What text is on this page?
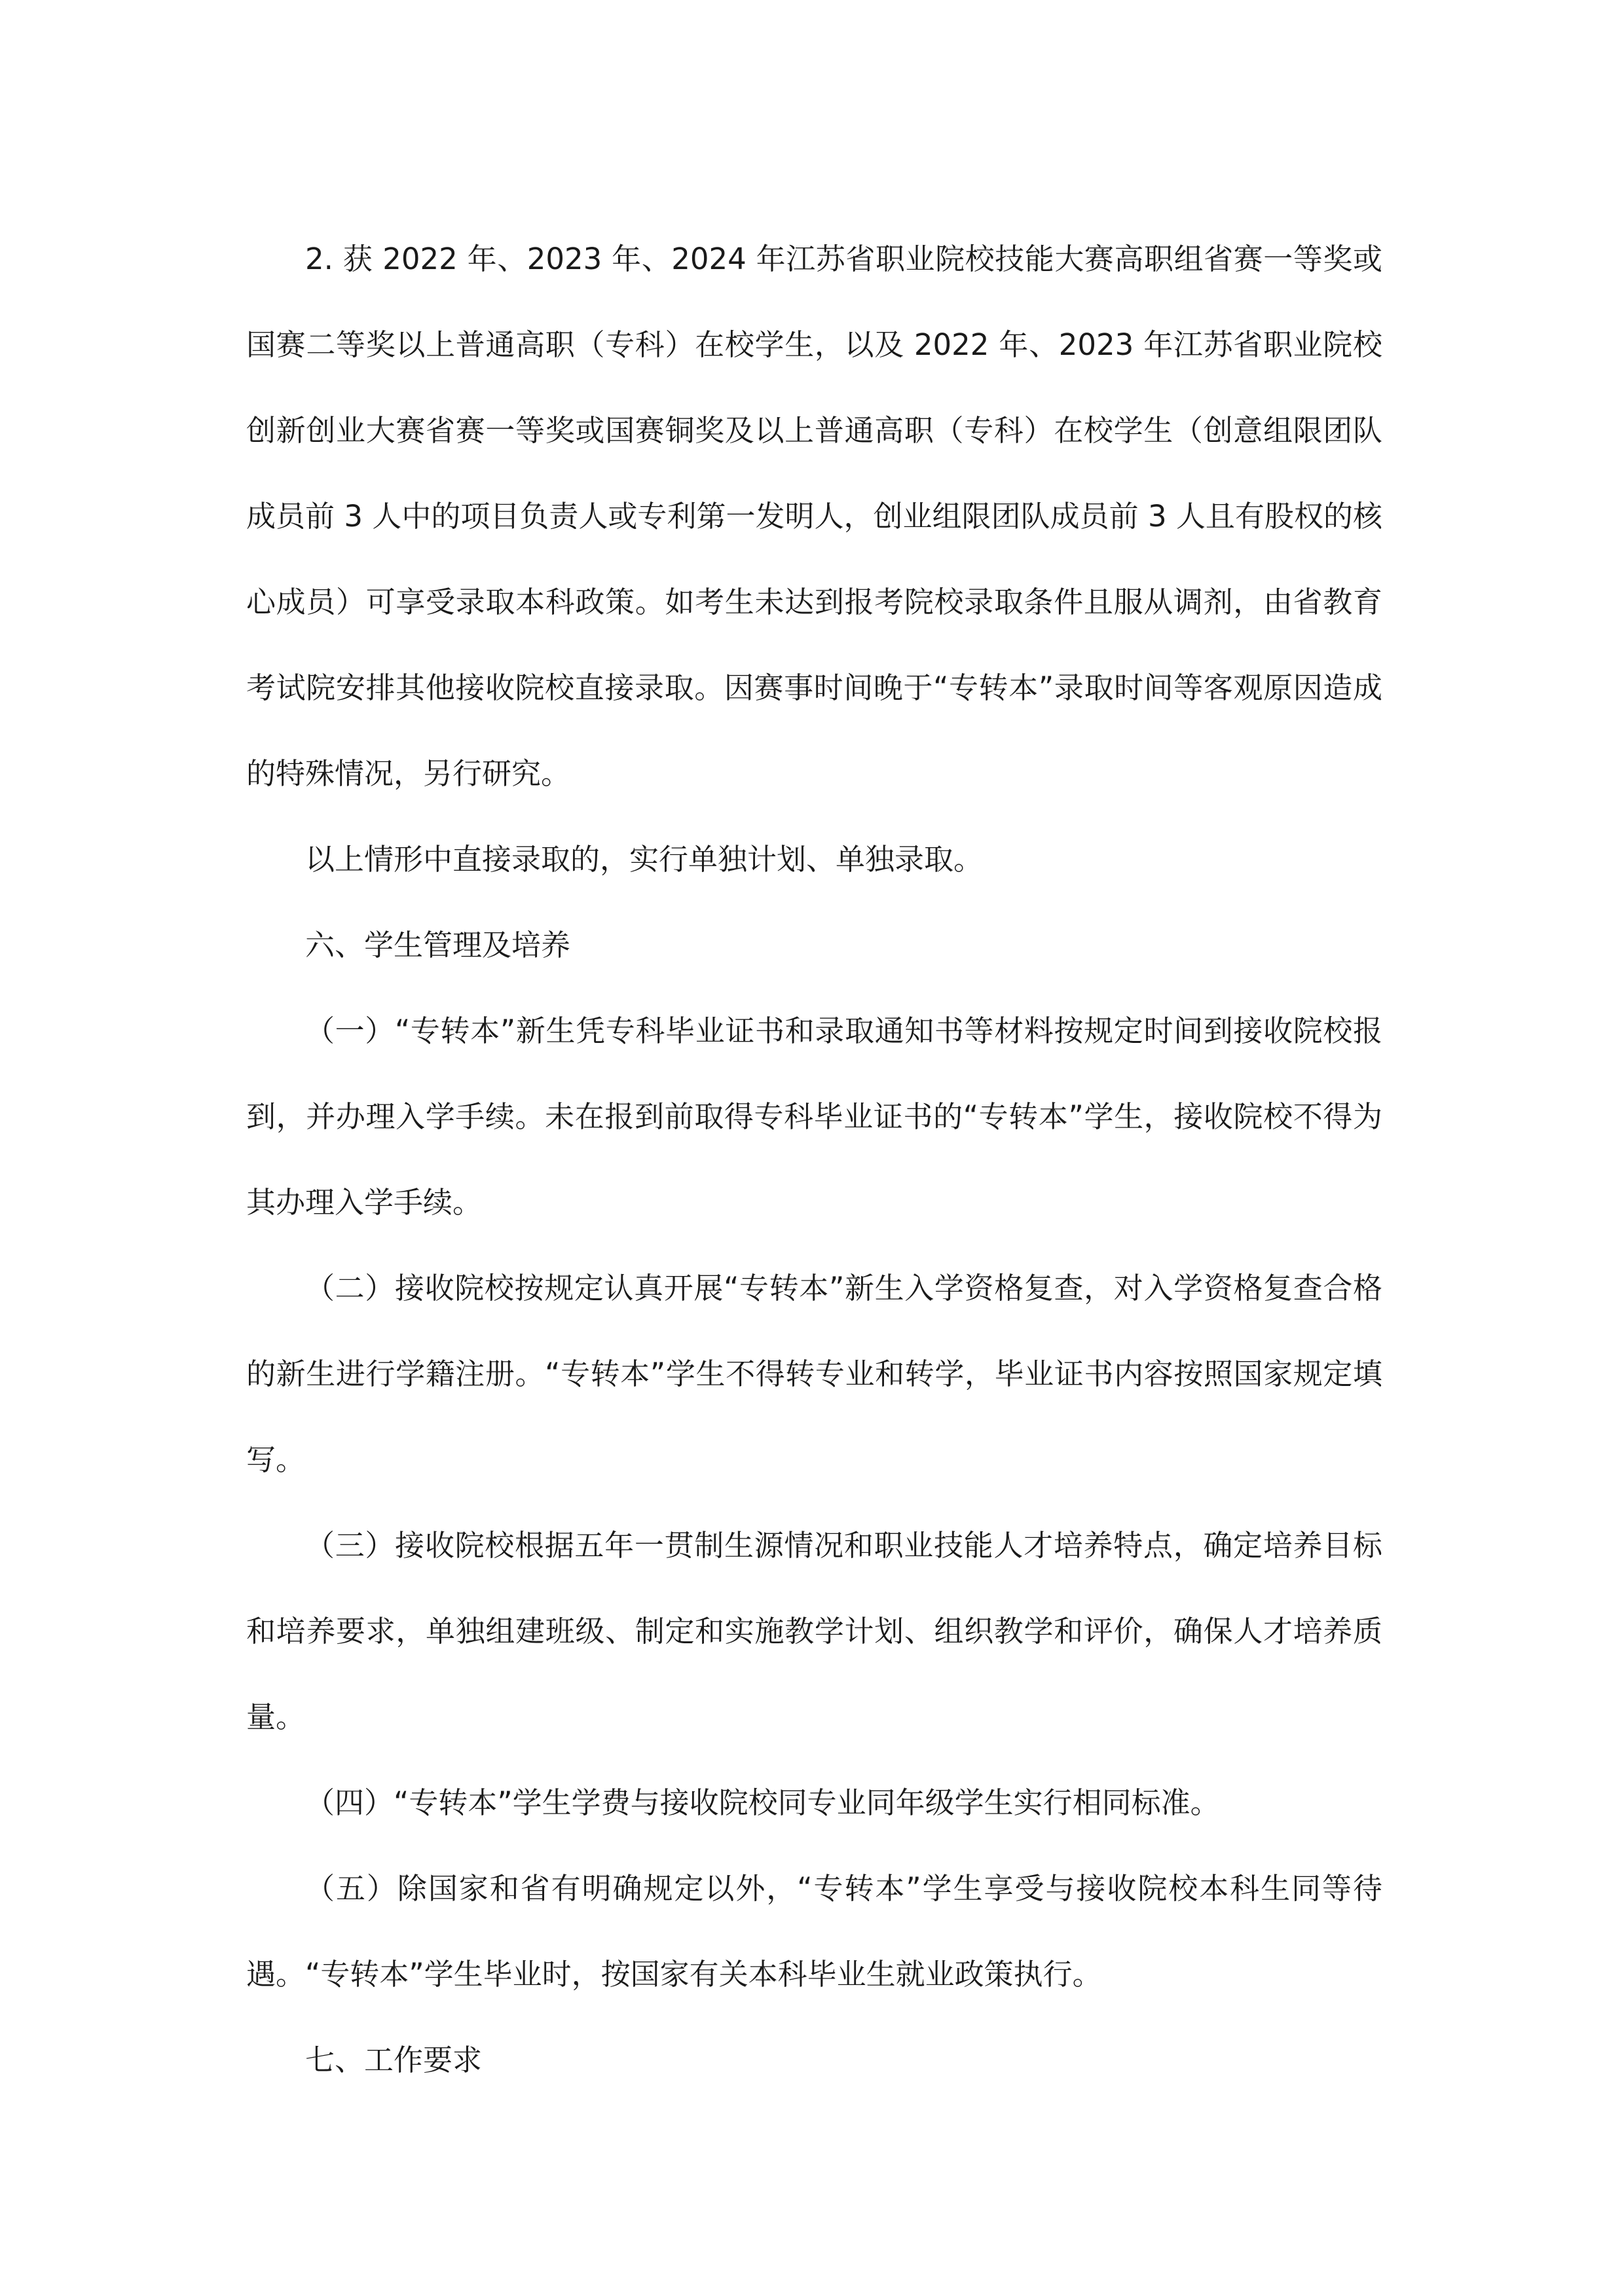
2. 获 2022 年、2023 年、2024 年江苏省职业院校技能大赛高职组省赛一等奖或国赛二等奖以上普通高职（专科）在校学生，以及 2022 年、2023 年江苏省职业院校创新创业大赛省赛一等奖或国赛铜奖及以上普通高职（专科）在校学生（创意组限团队成员前 3 人中的项目负责人或专利第一发明人，创业组限团队成员前 3 人且有股权的核心成员）可享受录取本科政策。如考生未达到报考院校录取条件且服从调剂，由省教育考试院安排其他接收院校直接录取。因赛事时间晚于“专转本”录取时间等客观原因造成的特殊情况，另行研究。

以上情形中直接录取的，实行单独计划、单独录取。

六、学生管理及培养

（一）“专转本”新生凭专科毕业证书和录取通知书等材料按规定时间到接收院校报到，并办理入学手续。未在报到前取得专科毕业证书的“专转本”学生，接收院校不得为其办理入学手续。

（二）接收院校按规定认真开展“专转本”新生入学资格复查，对入学资格复查合格的新生进行学籍注册。“专转本”学生不得转专业和转学，毕业证书内容按照国家规定填写。

（三）接收院校根据五年一贯制生源情况和职业技能人才培养特点，确定培养目标和培养要求，单独组建班级、制定和实施教学计划、组织教学和评价，确保人才培养质量。

（四）“专转本”学生学费与接收院校同专业同年级学生实行相同标准。

（五）除国家和省有明确规定以外，“专转本”学生享受与接收院校本科生同等待遇。“专转本”学生毕业时，按国家有关本科毕业生就业政策执行。

七、工作要求
